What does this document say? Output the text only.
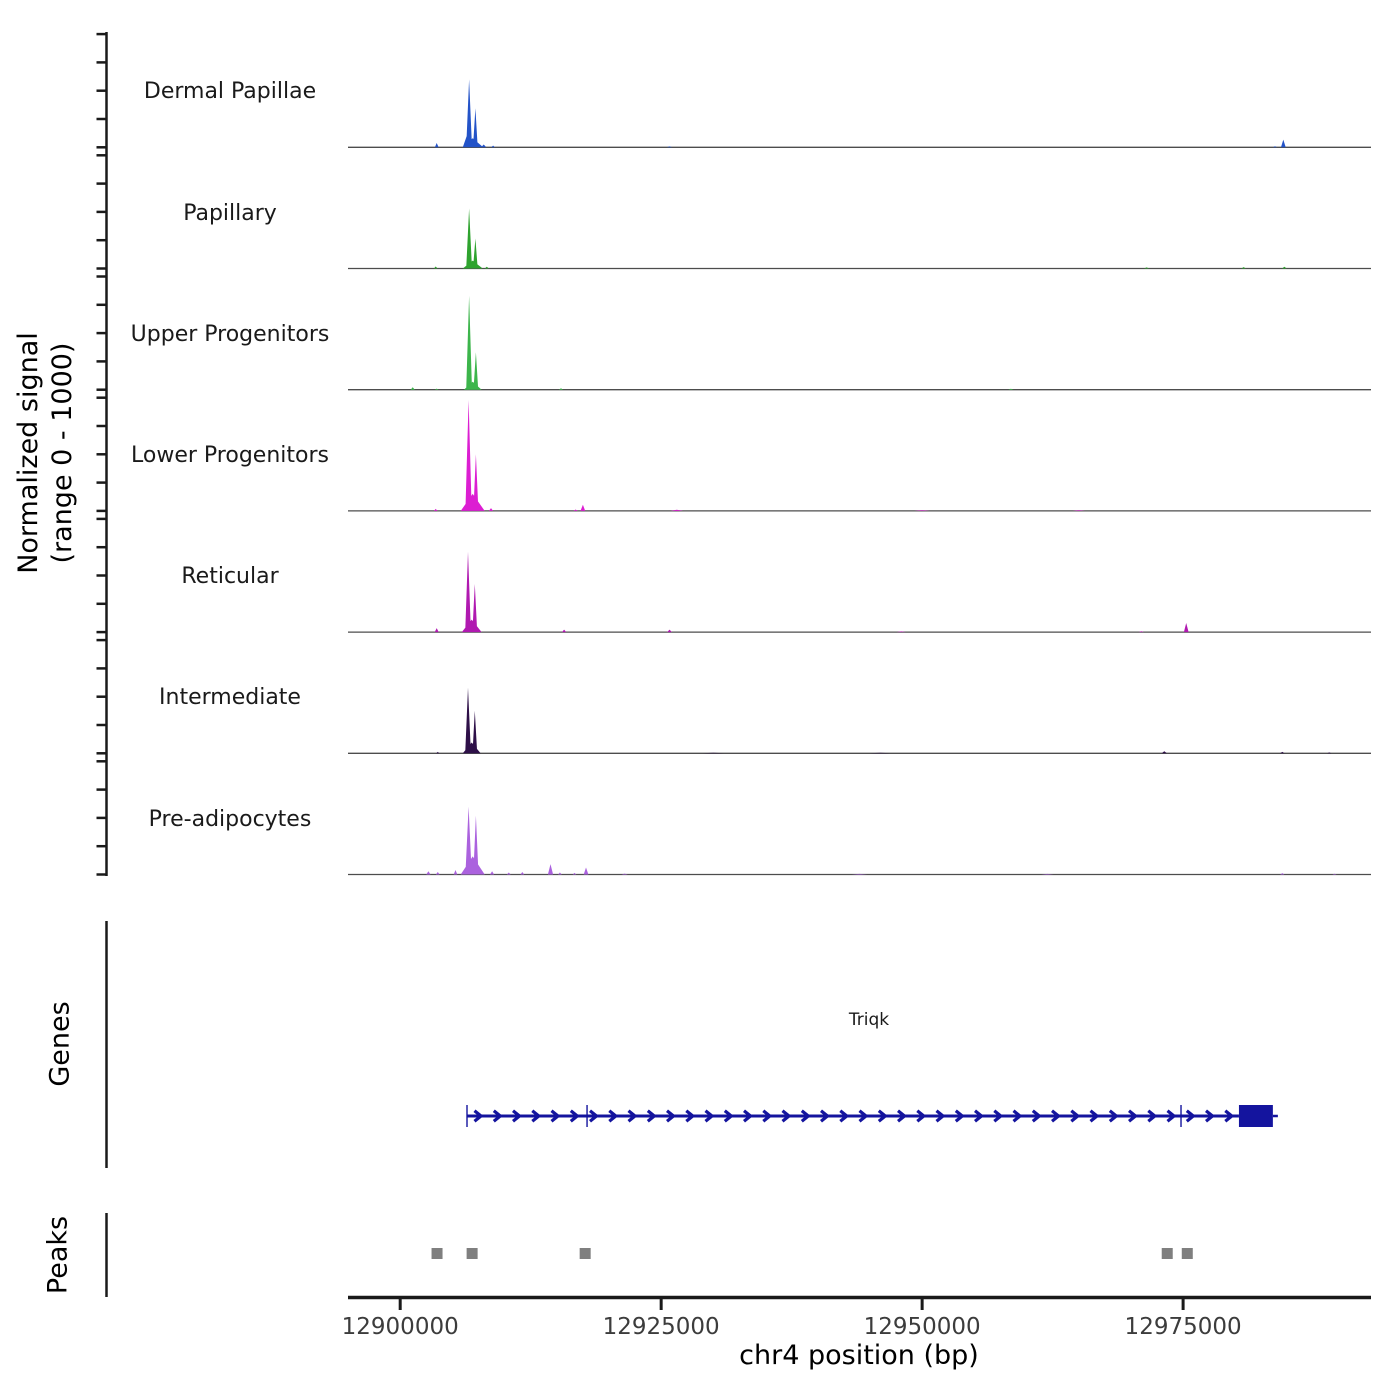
Normalized signal (range 0 - 1000)
Dermal Papillae
Papillary
Upper Progenitors
Lower Progenitors
Reticular
Intermediate
Pre-adipocytes
Genes	Triqk
Peaks
12900000	12925000	12950000	12975000
chr4 position (bp)
